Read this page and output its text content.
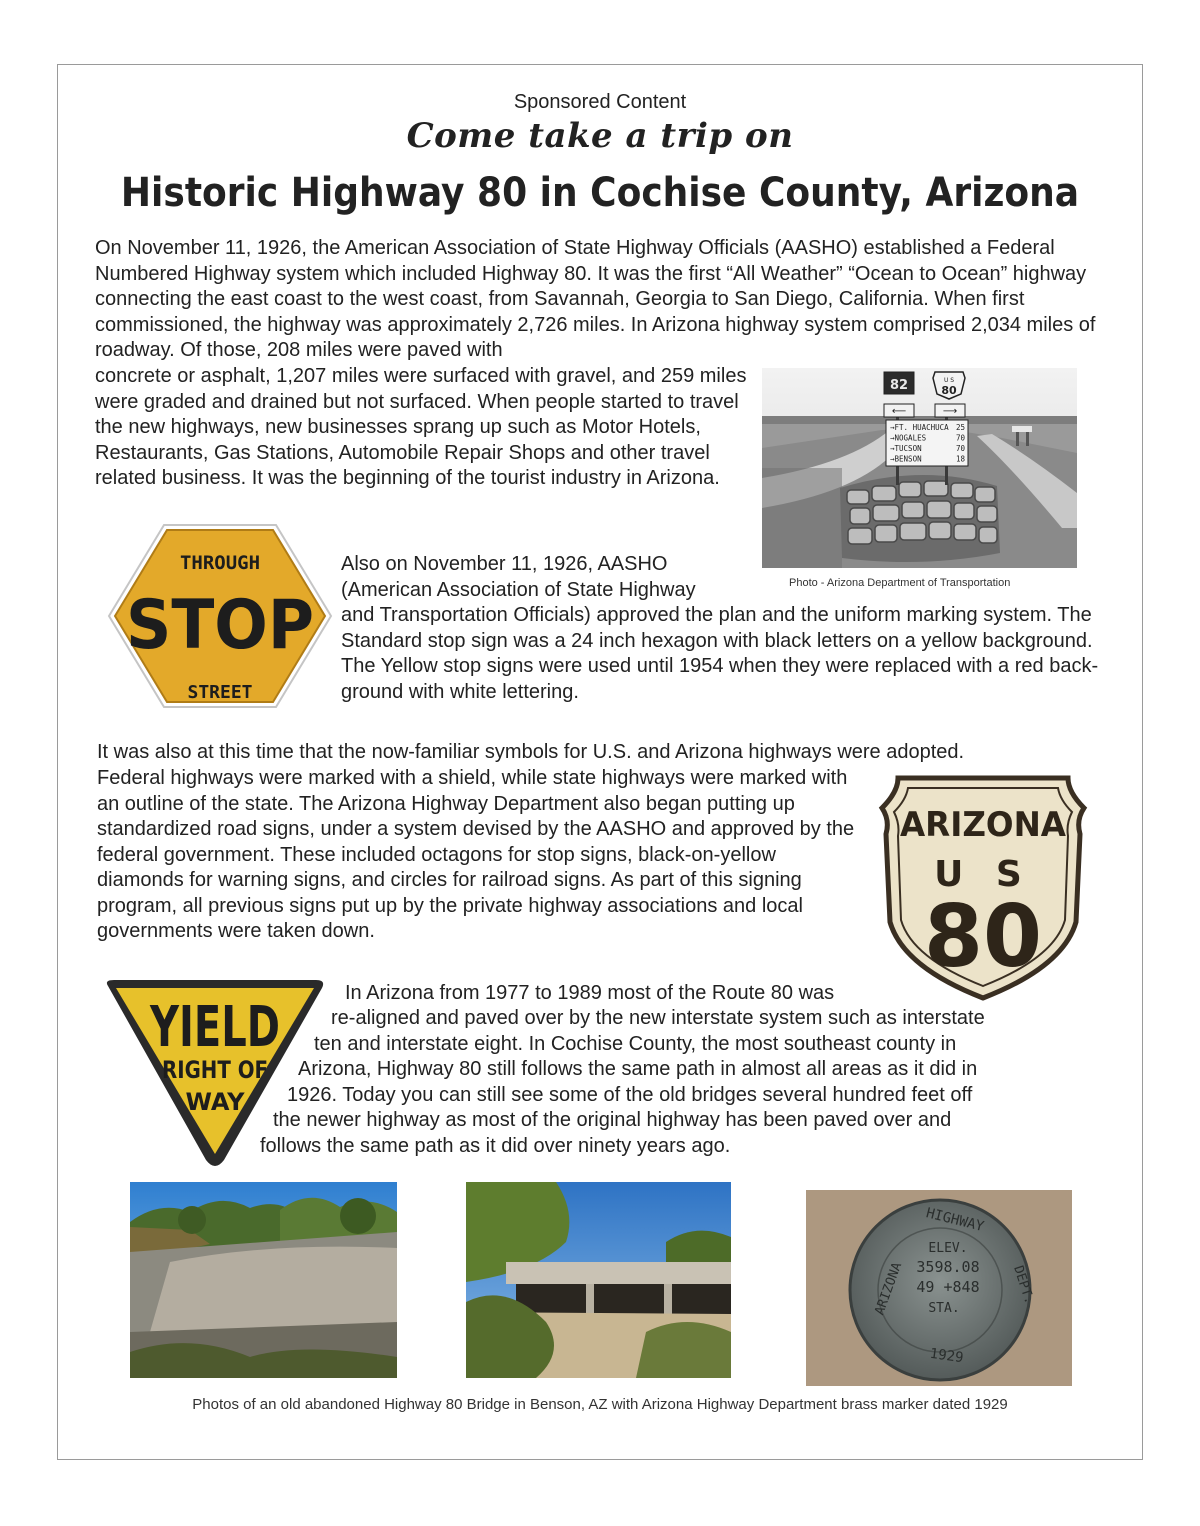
Sponsored Content
Come take a trip on
Historic Highway 80 in Cochise County, Arizona

On November 11, 1926, the American Association of State Highway Officials (AASHO) established a Federal Numbered Highway system which included Highway 80. It was the first “All Weather” “Ocean to Ocean” highway connecting the east coast to the west coast, from Savannah, Georgia to San Diego, California. When first commissioned, the highway was approximately 2,726 miles. In Arizona highway system comprised 2,034 miles of roadway. Of those, 208 miles were paved with

concrete or asphalt, 1,207 miles were surfaced with gravel, and 259 miles were graded and drained but not surfaced. When people started to travel the new highways, new businesses sprang up such as Motor Hotels, Restaurants, Gas Stations, Automobile Repair Shops and other travel related business. It was the beginning of the tourist industry in Arizona.

82	U S
80
⟵	⟶
→FT. HUACHUCA 25
→NOGALES	70
→TUCSON	70
→BENSON	18
Photo - Arizona Department of Transportation
THROUGH
STOP
STREET

Also on November 11, 1926, AASHO (American Association of State Highway

and Transportation Officials) approved the plan and the uniform marking system. The Standard stop sign was a 24 inch hexagon with black letters on a yellow background. The Yellow stop signs were used until 1954 when they were replaced with a red back-ground with white lettering.

It was also at this time that the now-familiar symbols for U.S. and Arizona highways were adopted.

Federal highways were marked with a shield, while state highways were marked with an outline of the state. The Arizona Highway Department also began putting up standardized road signs, under a system devised by the AASHO and approved by the federal government. These included octagons for stop signs, black-on-yellow diamonds for warning signs, and circles for railroad signs. As part of this signing program, all previous signs put up by the private highway associations and local governments were taken down.

ARIZONA
U S
80
YIELD
RIGHT OF
WAY
In Arizona from 1977 to 1989 most of the Route 80 was
re-aligned and paved over by the new interstate system such as interstate
ten and interstate eight. In Cochise County, the most southeast county in
Arizona, Highway 80 still follows the same path in almost all areas as it did in
1926. Today you can still see some of the old bridges several hundred feet off
the newer highway as most of the original highway has been paved over and
follows the same path as it did over ninety years ago.
HIGHWAY
ARIZONA	DEPT.
ELEV.
3598.08
49 +848
STA.
1929
Photos of an old abandoned Highway 80 Bridge in Benson, AZ with Arizona Highway Department brass marker dated 1929
